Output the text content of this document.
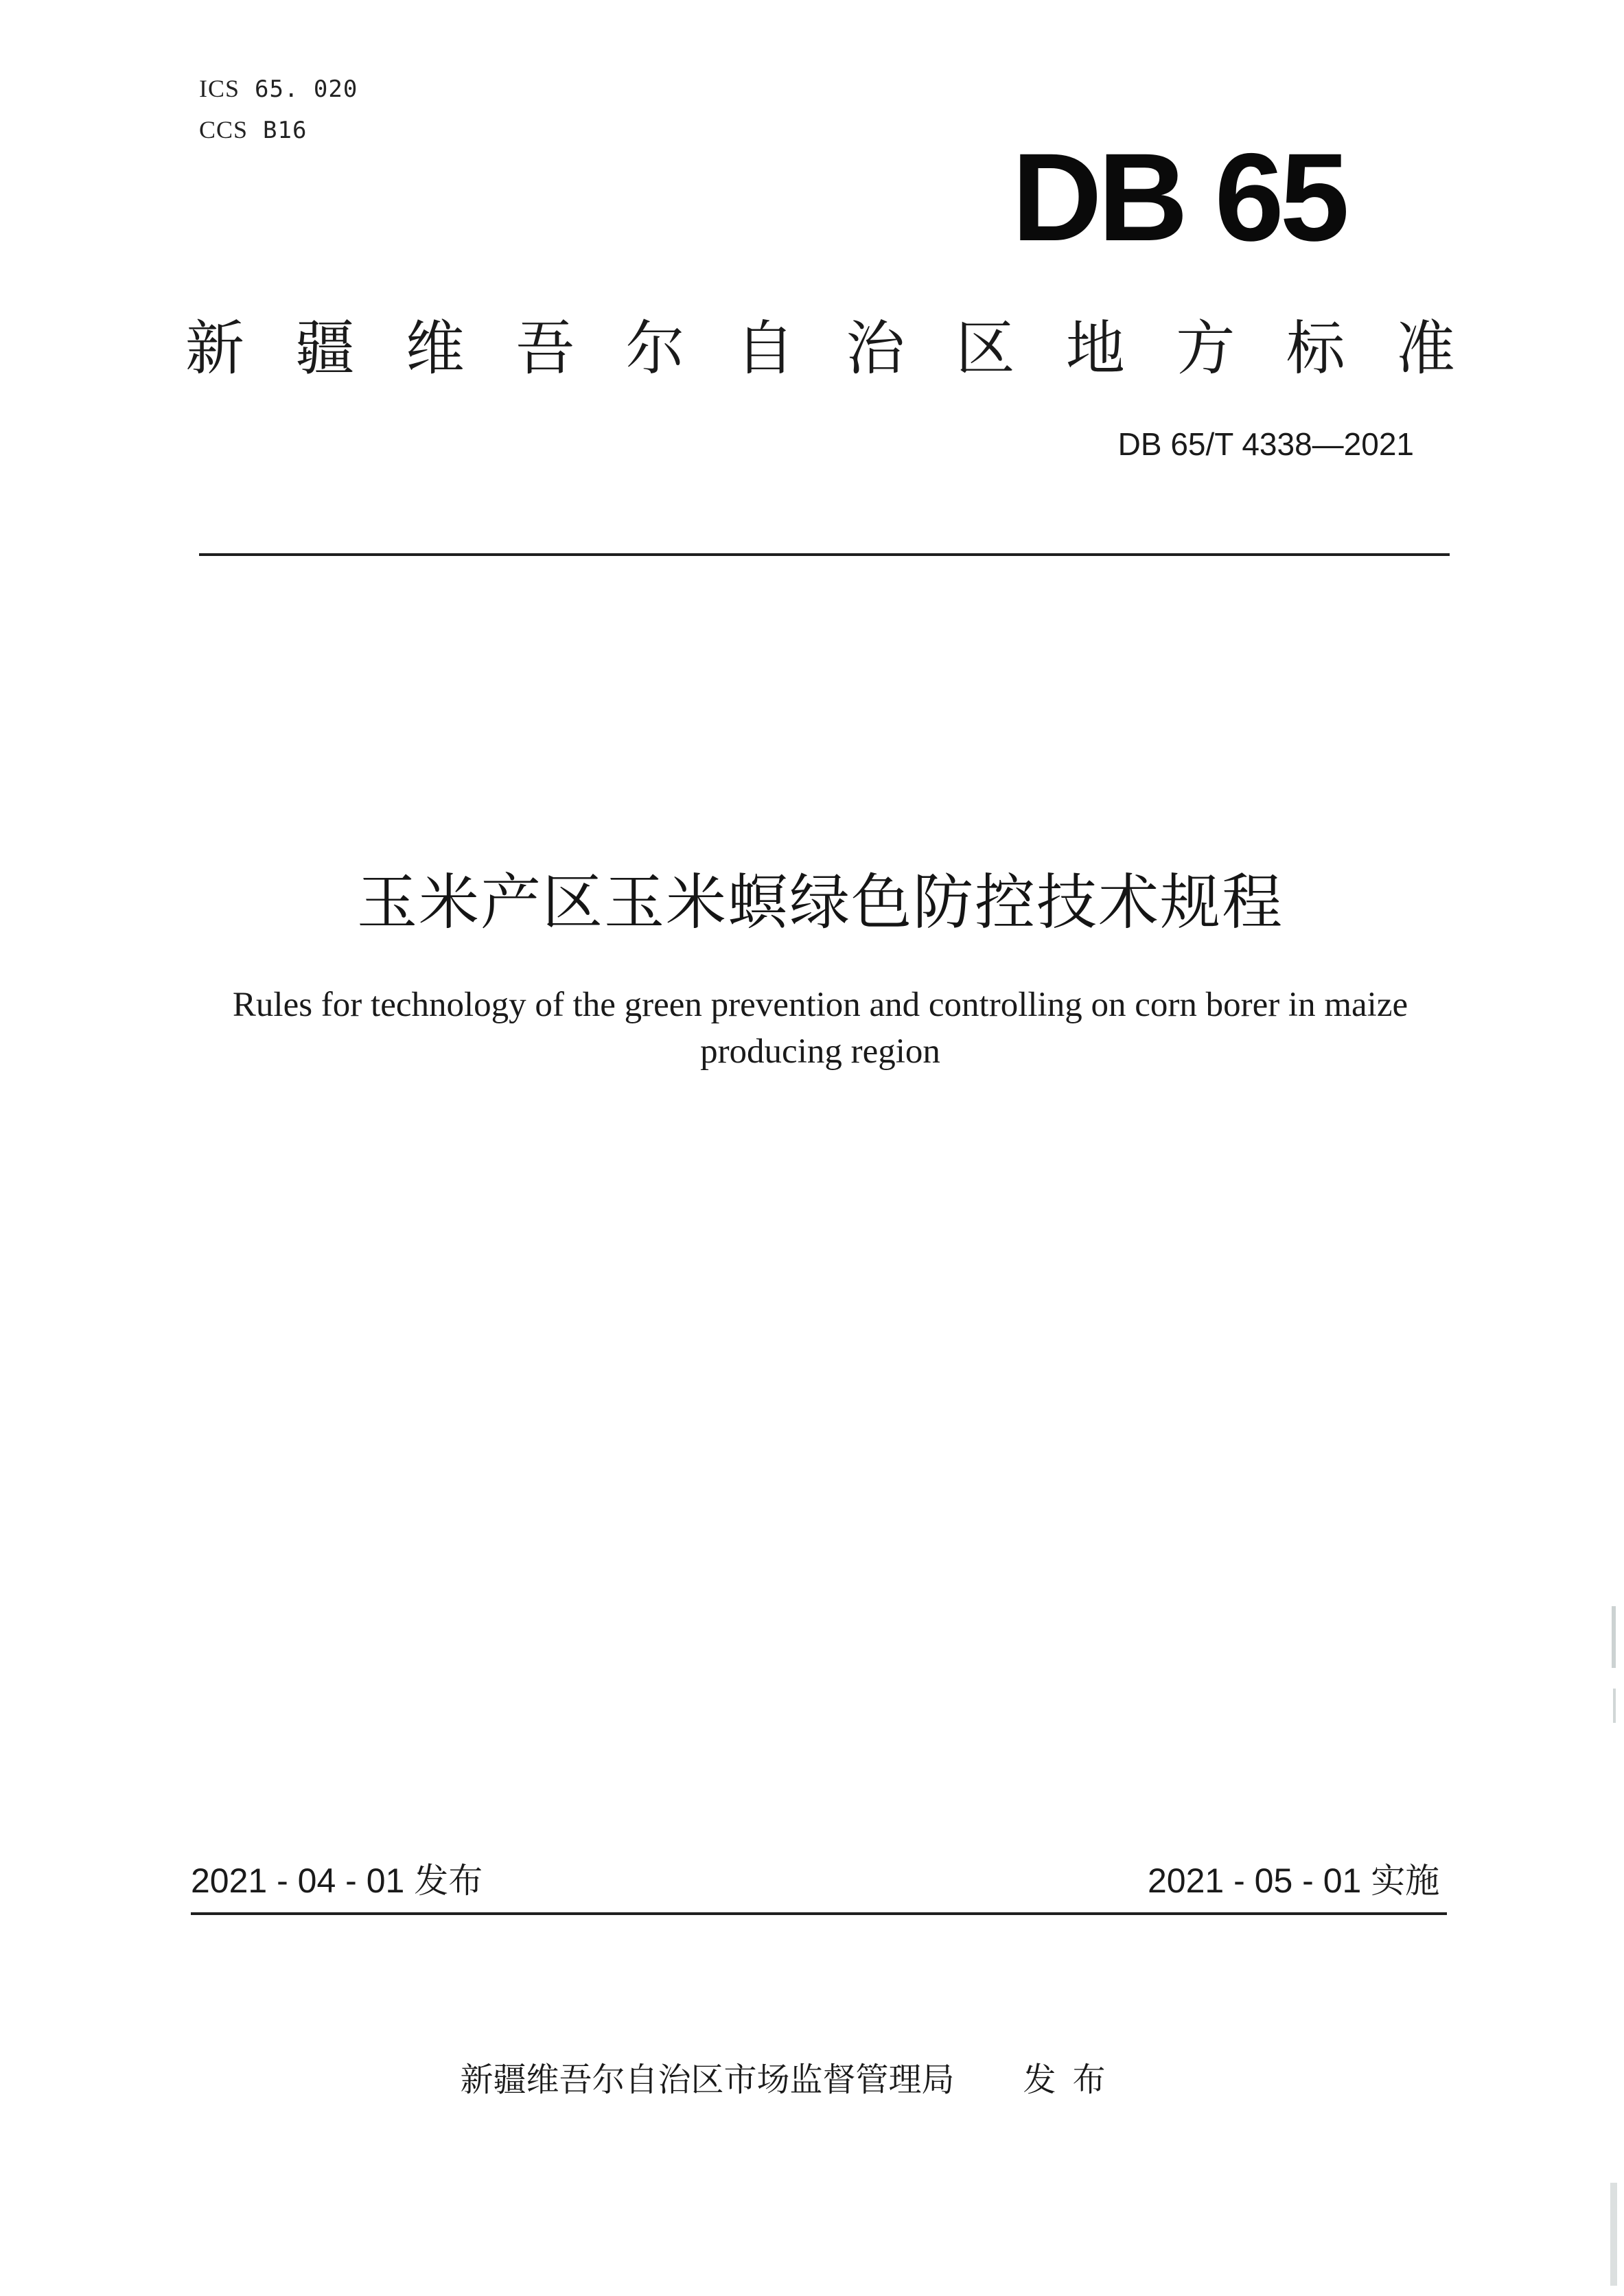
ICS 65. 020
CCS B16	DB 65
新 疆 维 吾 尔 自 治 区 地 方 标 准
DB 65/T 4338—2021
玉米产区玉米螟绿色防控技术规程
Rules for technology of the green prevention and controlling on corn borer in maize
producing region
2021 - 04 - 01 发布	2021 - 05 - 01 实施

新疆维吾尔自治区市场监督管理局 发布
